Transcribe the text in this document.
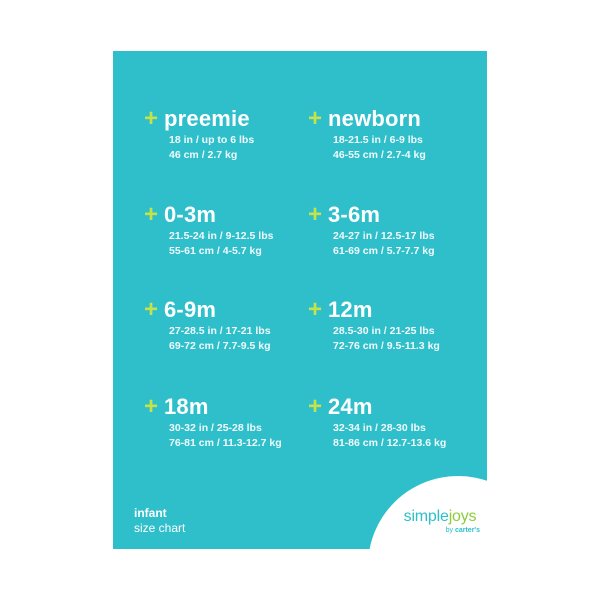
+ preemie
18 in / up to 6 lbs
46 cm / 2.7 kg
+ newborn
18-21.5 in / 6-9 lbs
46-55 cm / 2.7-4 kg
+ 0-3m
21.5-24 in / 9-12.5 lbs
55-61 cm / 4-5.7 kg
+ 3-6m
24-27 in / 12.5-17 lbs
61-69 cm / 5.7-7.7 kg
+ 6-9m
27-28.5 in / 17-21 lbs
69-72 cm / 7.7-9.5 kg
+ 12m
28.5-30 in / 21-25 lbs
72-76 cm / 9.5-11.3 kg
+ 18m
30-32 in / 25-28 lbs
76-81 cm / 11.3-12.7 kg
+ 24m
32-34 in / 28-30 lbs
81-86 cm / 12.7-13.6 kg
infant
size chart
simplejoys
by carter's
